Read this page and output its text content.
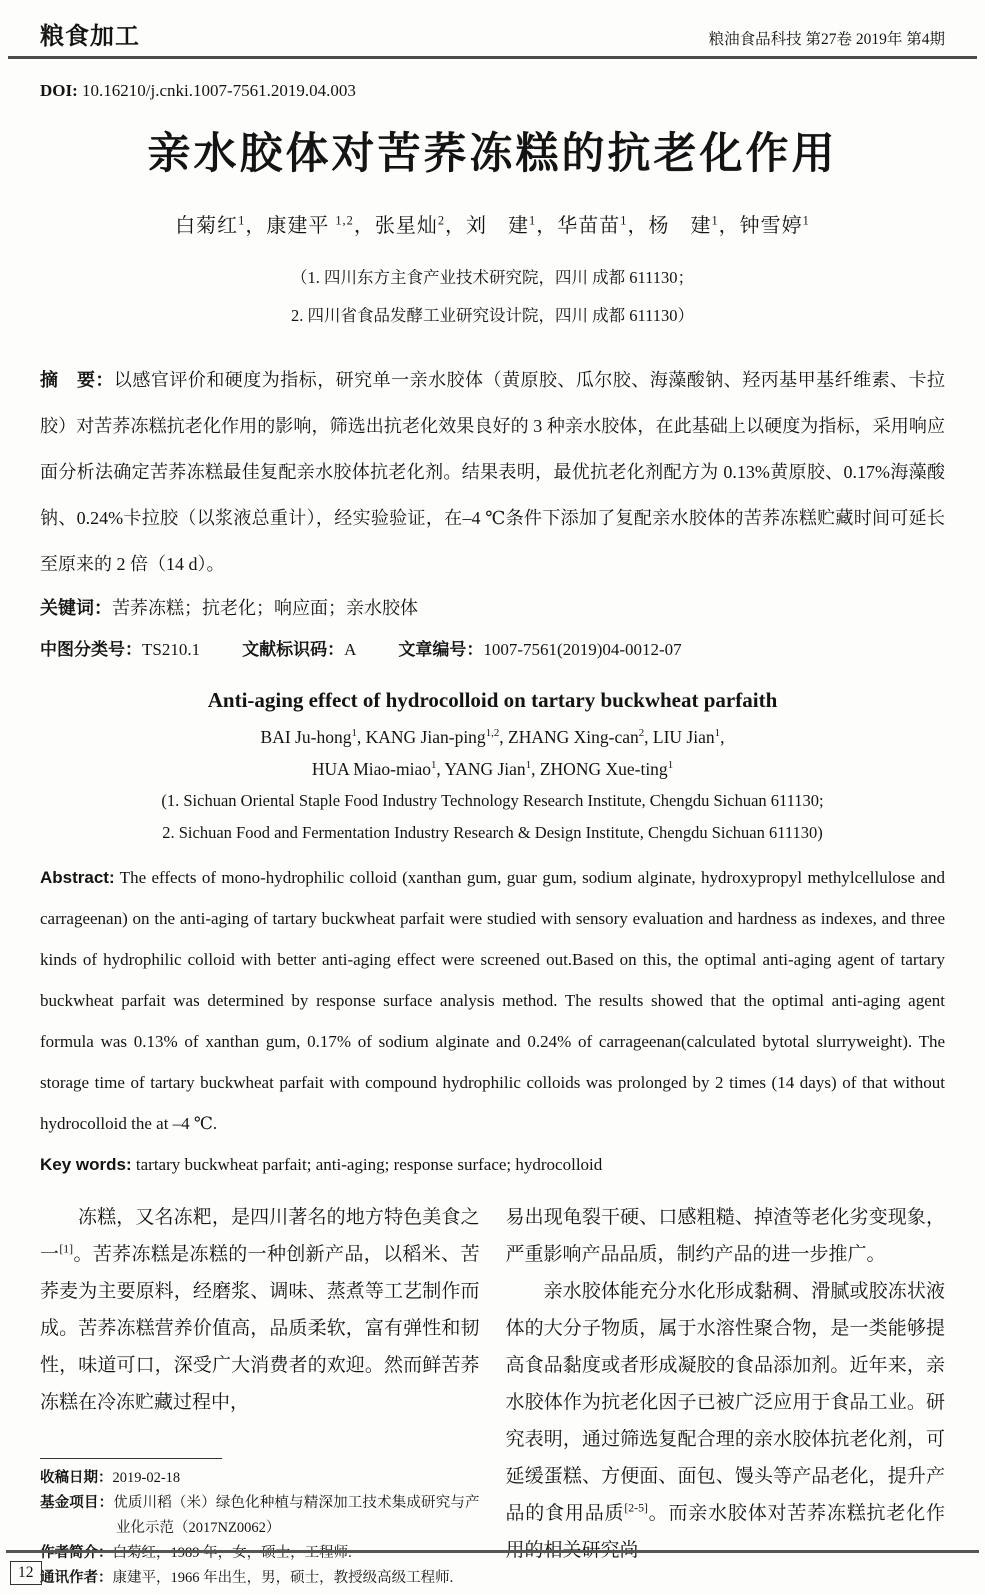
粮食加工	粮油食品科技 第27卷 2019年 第4期
DOI: 10.16210/j.cnki.1007-7561.2019.04.003
亲水胶体对苦荞冻糕的抗老化作用
白菊红$^1$，康建平 $^{1,2}$，张星灿$^2$，刘　建$^1$，华苗苗$^1$，杨　建$^1$，钟雪婷$^1$
（1. 四川东方主食产业技术研究院，四川 成都 611130；
2. 四川省食品发酵工业研究设计院，四川 成都 611130）
摘　要：以感官评价和硬度为指标，研究单一亲水胶体（黄原胶、瓜尔胶、海藻酸钠、羟丙基甲基纤维素、卡拉胶）对苦荞冻糕抗老化作用的影响，筛选出抗老化效果良好的 3 种亲水胶体，在此基础上以硬度为指标，采用响应面分析法确定苦荞冻糕最佳复配亲水胶体抗老化剂。结果表明，最优抗老化剂配方为 0.13%黄原胶、0.17%海藻酸钠、0.24%卡拉胶（以浆液总重计），经实验验证，在–4 ℃条件下添加了复配亲水胶体的苦荞冻糕贮藏时间可延长至原来的 2 倍（14 d）。
关键词：苦荞冻糕；抗老化；响应面；亲水胶体
中图分类号：TS210.1 文献标识码：A 文章编号：1007-7561(2019)04-0012-07
Anti-aging effect of hydrocolloid on tartary buckwheat parfaith
BAI Ju-hong$^1$, KANG Jian-ping$^{1,2}$, ZHANG Xing-can$^2$, LIU Jian$^1$,
HUA Miao-miao$^1$, YANG Jian$^1$, ZHONG Xue-ting$^1$
(1. Sichuan Oriental Staple Food Industry Technology Research Institute, Chengdu Sichuan 611130;
2. Sichuan Food and Fermentation Industry Research & Design Institute, Chengdu Sichuan 611130)
Abstract: The effects of mono-hydrophilic colloid (xanthan gum, guar gum, sodium alginate, hydroxypropyl methylcellulose and carrageenan) on the anti-aging of tartary buckwheat parfait were studied with sensory evaluation and hardness as indexes, and three kinds of hydrophilic colloid with better anti-aging effect were screened out.Based on this, the optimal anti-aging agent of tartary buckwheat parfait was determined by response surface analysis method. The results showed that the optimal anti-aging agent formula was 0.13% of xanthan gum, 0.17% of sodium alginate and 0.24% of carrageenan(calculated bytotal slurryweight). The storage time of tartary buckwheat parfait with compound hydrophilic colloids was prolonged by 2 times (14 days) of that without hydrocolloid the at –4 ℃.
Key words: tartary buckwheat parfait; anti-aging; response surface; hydrocolloid

冻糕，又名冻粑，是四川著名的地方特色美食之一[1]。苦荞冻糕是冻糕的一种创新产品，以稻米、苦荞麦为主要原料，经磨浆、调味、蒸煮等工艺制作而成。苦荞冻糕营养价值高，品质柔软，富有弹性和韧性，味道可口，深受广大消费者的欢迎。然而鲜苦荞冻糕在冷冻贮藏过程中，

收稿日期：2019-02-18
基金项目：优质川稻（米）绿色化种植与精深加工技术集成研究与产业化示范（2017NZ0062）
作者简介：白菊红，1989 年，女，硕士，工程师.
通讯作者：康建平，1966 年出生，男，硕士，教授级高级工程师.

易出现龟裂干硬、口感粗糙、掉渣等老化劣变现象，严重影响产品品质，制约产品的进一步推广。

亲水胶体能充分水化形成黏稠、滑腻或胶冻状液体的大分子物质，属于水溶性聚合物，是一类能够提高食品黏度或者形成凝胶的食品添加剂。近年来，亲水胶体作为抗老化因子已被广泛应用于食品工业。研究表明，通过筛选复配合理的亲水胶体抗老化剂，可延缓蛋糕、方便面、面包、馒头等产品老化，提升产品的食用品质[2-5]。而亲水胶体对苦荞冻糕抗老化作用的相关研究尚

12
